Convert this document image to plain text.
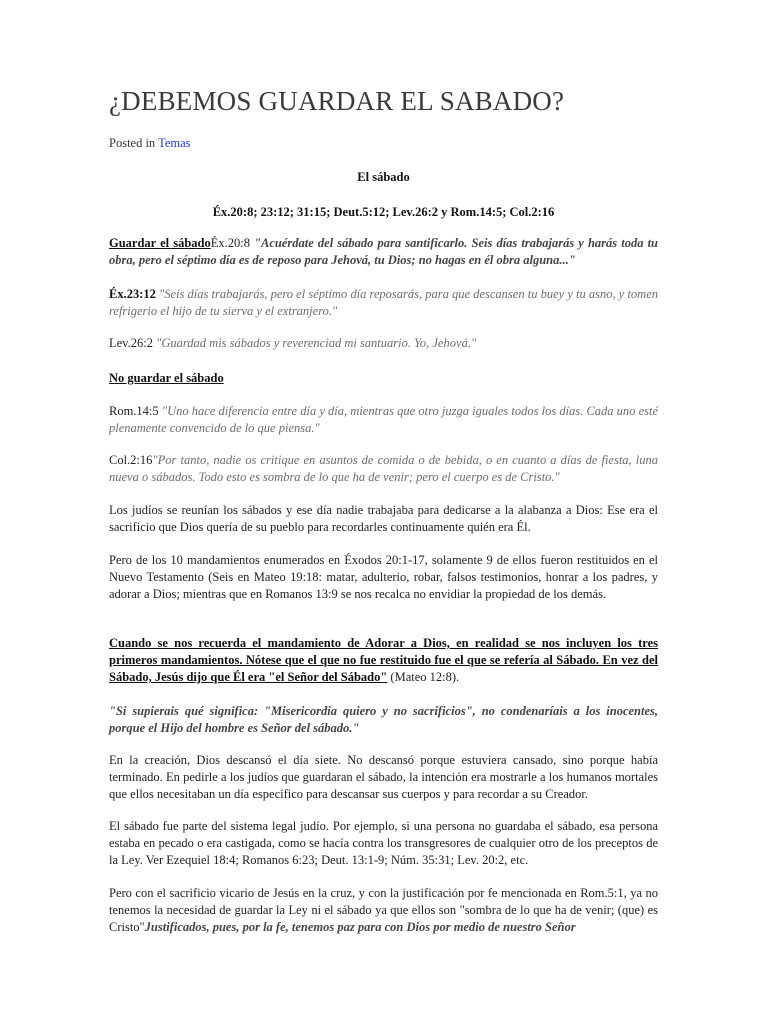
¿DEBEMOS GUARDAR EL SABADO?
Posted in Temas
El sábado
Éx.20:8; 23:12; 31:15; Deut.5:12; Lev.26:2 y Rom.14:5; Col.2:16
Guardar el sábadoÉx.20:8 "Acuérdate del sábado para santificarlo. Seis días trabajarás y harás toda tu obra, pero el séptimo día es de reposo para Jehová, tu Dios; no hagas en él obra alguna..."
Éx.23:12 "Seis días trabajarás, pero el séptimo día reposarás, para que descansen tu buey y tu asno, y tomen refrigerio el hijo de tu sierva y el extranjero."
Lev.26:2 "Guardad mis sábados y reverenciad mi santuario. Yo, Jehová."
No guardar el sábado
Rom.14:5 "Uno hace diferencia entre día y día, mientras que otro juzga iguales todos los días. Cada uno esté plenamente convencido de lo que piensa."
Col.2:16"Por tanto, nadie os critique en asuntos de comida o de bebida, o en cuanto a días de fiesta, luna nueva o sábados. Todo esto es sombra de lo que ha de venir; pero el cuerpo es de Cristo."
Los judíos se reunían los sábados y ese día nadie trabajaba para dedicarse a la alabanza a Dios: Ese era el sacrificio que Dios quería de su pueblo para recordarles continuamente quién era Él.
Pero de los 10 mandamientos enumerados en Éxodos 20:1-17, solamente 9 de ellos fueron restituidos en el Nuevo Testamento (Seis en Mateo 19:18: matar, adulterio, robar, falsos testimonios, honrar a los padres, y adorar a Dios; mientras que en Romanos 13:9 se nos recalca no envidiar la propiedad de los demás.
Cuando se nos recuerda el mandamiento de Adorar a Dios, en realidad se nos incluyen los tres primeros mandamientos. Nótese que el que no fue restituido fue el que se refería al Sábado. En vez del Sábado, Jesús dijo que Él era "el Señor del Sábado" (Mateo 12:8).
"Si supierais qué significa: "Misericordia quiero y no sacrificios", no condenaríais a los inocentes, porque el Hijo del hombre es Señor del sábado."
En la creación, Dios descansó el día siete. No descansó porque estuviera cansado, sino porque había terminado. En pedirle a los judíos que guardaran el sábado, la intención era mostrarle a los humanos mortales que ellos necesitaban un día específico para descansar sus cuerpos y para recordar a su Creador.
El sábado fue parte del sistema legal judío. Por ejemplo, si una persona no guardaba el sábado, esa persona estaba en pecado o era castigada, como se hacía contra los transgresores de cualquier otro de los preceptos de la Ley. Ver Ezequiel 18:4; Romanos 6:23; Deut. 13:1-9; Núm. 35:31; Lev. 20:2, etc.
Pero con el sacrificio vicario de Jesús en la cruz, y con la justificación por fe mencionada en Rom.5:1, ya no tenemos la necesidad de guardar la Ley ni el sábado ya que ellos son "sombra de lo que ha de venir; (que) es Cristo"Justificados, pues, por la fe, tenemos paz para con Dios por medio de nuestro Señor
